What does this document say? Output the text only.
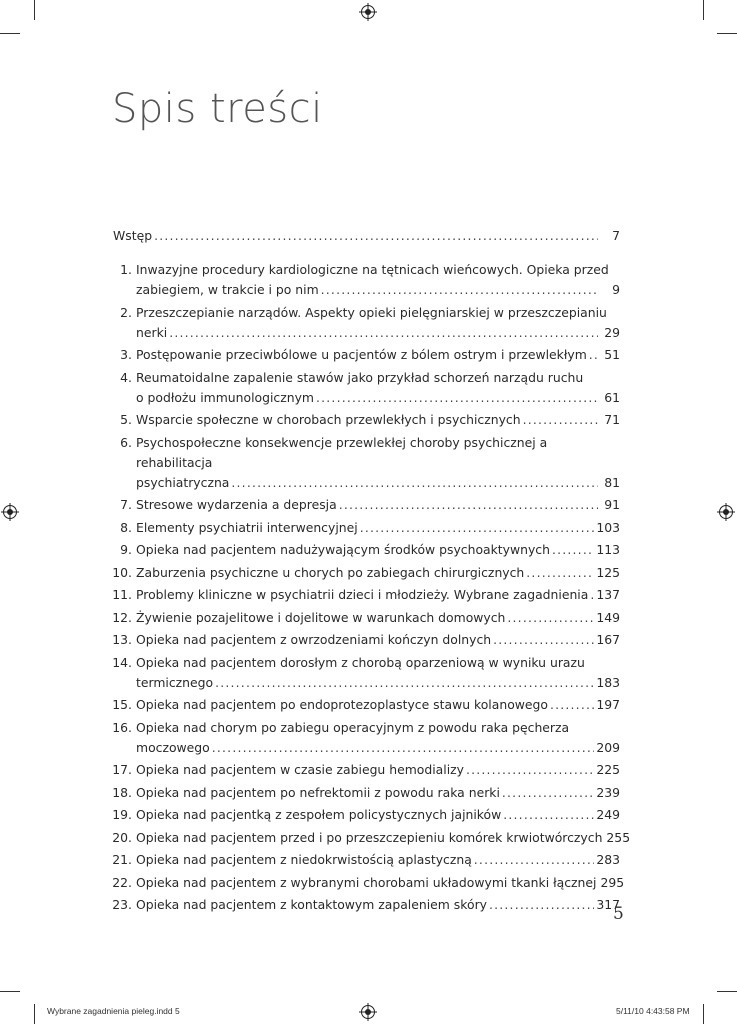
Spis treści
Wstęp .....	7
1. Inwazyjne procedury kardiologiczne na tętnicach wieńcowych. Opieka przed
zabiegiem, w trakcie i po nim .....	9
2. Przeszczepianie narządów. Aspekty opieki pielęgniarskiej w przeszczepianiu
nerki .....	29
3. Postępowanie przeciwbólowe u pacjentów z bólem ostrym i przewlekłym .....	51
4. Reumatoidalne zapalenie stawów jako przykład schorzeń narządu ruchu
o podłożu immunologicznym .....	61
5. Wsparcie społeczne w chorobach przewlekłych i psychicznych .....	71
6. Psychospołeczne konsekwencje przewlekłej choroby psychicznej a rehabilitacja
psychiatryczna .....	81
7. Stresowe wydarzenia a depresja .....	91
8. Elementy psychiatrii interwencyjnej .....	103
9. Opieka nad pacjentem nadużywającym środków psychoaktywnych .....	113
10. Zaburzenia psychiczne u chorych po zabiegach chirurgicznych .....	125
11. Problemy kliniczne w psychiatrii dzieci i młodzieży. Wybrane zagadnienia ..... 137
12. Żywienie pozajelitowe i dojelitowe w warunkach domowych .....	149
13. Opieka nad pacjentem z owrzodzeniami kończyn dolnych .....	167
14. Opieka nad pacjentem dorosłym z chorobą oparzeniową w wyniku urazu
termicznego .....	183
15. Opieka nad pacjentem po endoprotezoplastyce stawu kolanowego .....	197
16. Opieka nad chorym po zabiegu operacyjnym z powodu raka pęcherza
moczowego .....	209
17. Opieka nad pacjentem w czasie zabiegu hemodializy .....	225
18. Opieka nad pacjentem po nefrektomii z powodu raka nerki .....	239
19. Opieka nad pacjentką z zespołem policystycznych jajników .....	249
20. Opieka nad pacjentem przed i po przeszczepieniu komórek krwiotwórczych 255
21. Opieka nad pacjentem z niedokrwistością aplastyczną .....	283
22. Opieka nad pacjentem z wybranymi chorobami układowymi tkanki łącznej 295
23. Opieka nad pacjentem z kontaktowym zapaleniem skóry .....	317
5
Wybrane zagadnienia pieleg.indd 5	5/11/10 4:43:58 PM
